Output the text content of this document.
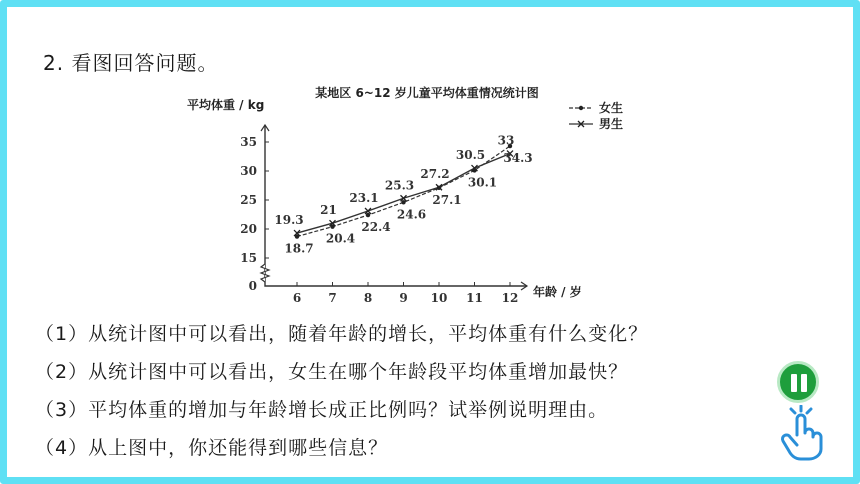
2. 看图回答问题。
某地区 6~12 岁儿童平均体重情况统计图
平均体重 / kg
年龄 / 岁
0
15
20
25
30
35
6 7 8 9 10 11 12
19.3
18.7
21
20.4
23.1
22.4
25.3
24.6
27.2
27.1
30.5
30.1
33
34.3
女生
男生
（1）从统计图中可以看出，随着年龄的增长，平均体重有什么变化？
（2）从统计图中可以看出，女生在哪个年龄段平均体重增加最快？
（3）平均体重的增加与年龄增长成正比例吗？试举例说明理由。
（4）从上图中，你还能得到哪些信息？
